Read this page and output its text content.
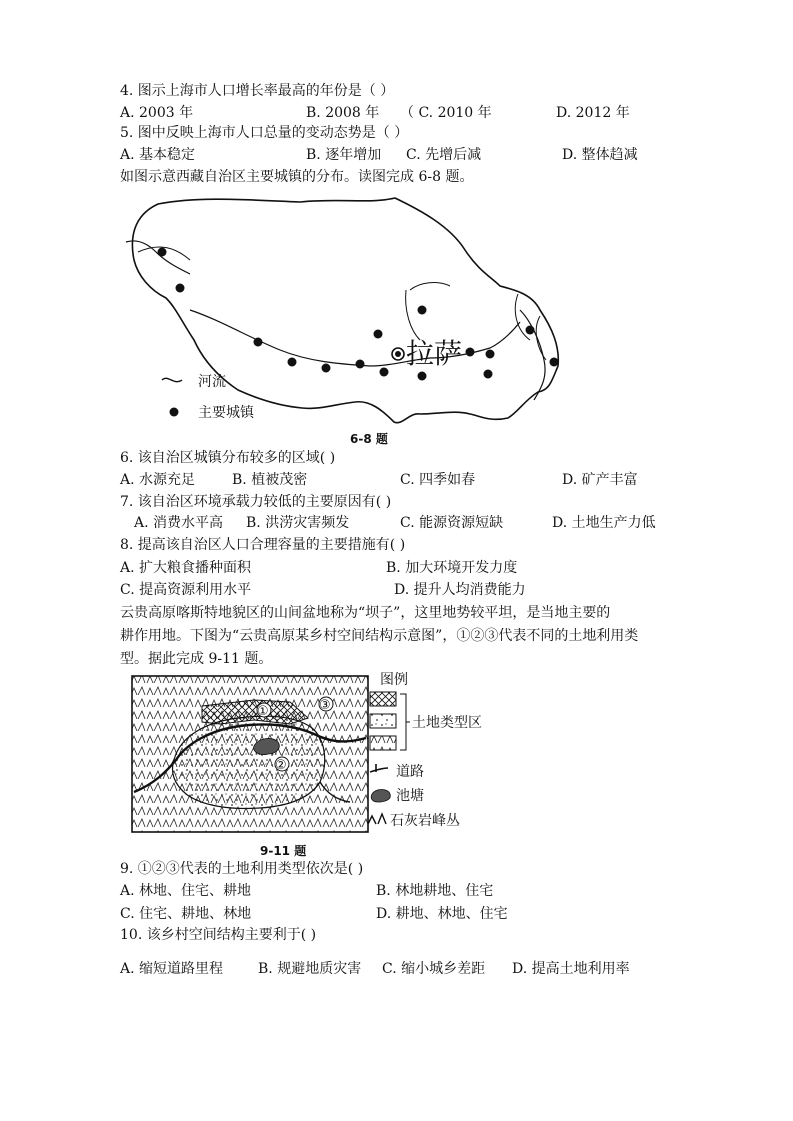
4. 图示上海市人口增长率最高的年份是（ ）
A. 2003 年	B. 2008 年 （ C. 2010 年	D. 2012 年
5. 图中反映上海市人口总量的变动态势是（ ）
A. 基本稳定	B. 逐年增加 C. 先增后减	D. 整体趋减
如图示意西藏自治区主要城镇的分布。读图完成 6-8 题。
拉萨
河流
主要城镇
6-8 题
6. 该自治区城镇分布较多的区域( )
A. 水源充足	B. 植被茂密	C. 四季如春	D. 矿产丰富
7. 该自治区环境承载力较低的主要原因有( )
A. 消费水平高 B. 洪涝灾害频发	C. 能源资源短缺	D. 土地生产力低
8. 提高该自治区人口合理容量的主要措施有( )
A. 扩大粮食播种面积	B. 加大环境开发力度
C. 提高资源利用水平	D. 提升人均消费能力
云贵高原喀斯特地貌区的山间盆地称为“坝子”，这里地势较平坦，是当地主要的
耕作用地。下图为“云贵高原某乡村空间结构示意图”，①②③代表不同的土地利用类
型。据此完成 9-11 题。
①
②
③
图例
土地类型区
道路
池塘
石灰岩峰丛
9-11 题
9. ①②③代表的土地利用类型依次是( )
A. 林地、住宅、耕地	B. 林地耕地、住宅
C. 住宅、耕地、林地	D. 耕地、林地、住宅
10. 该乡村空间结构主要利于( )
A. 缩短道路里程 B. 规避地质灾害 C. 缩小城乡差距 D. 提高土地利用率
